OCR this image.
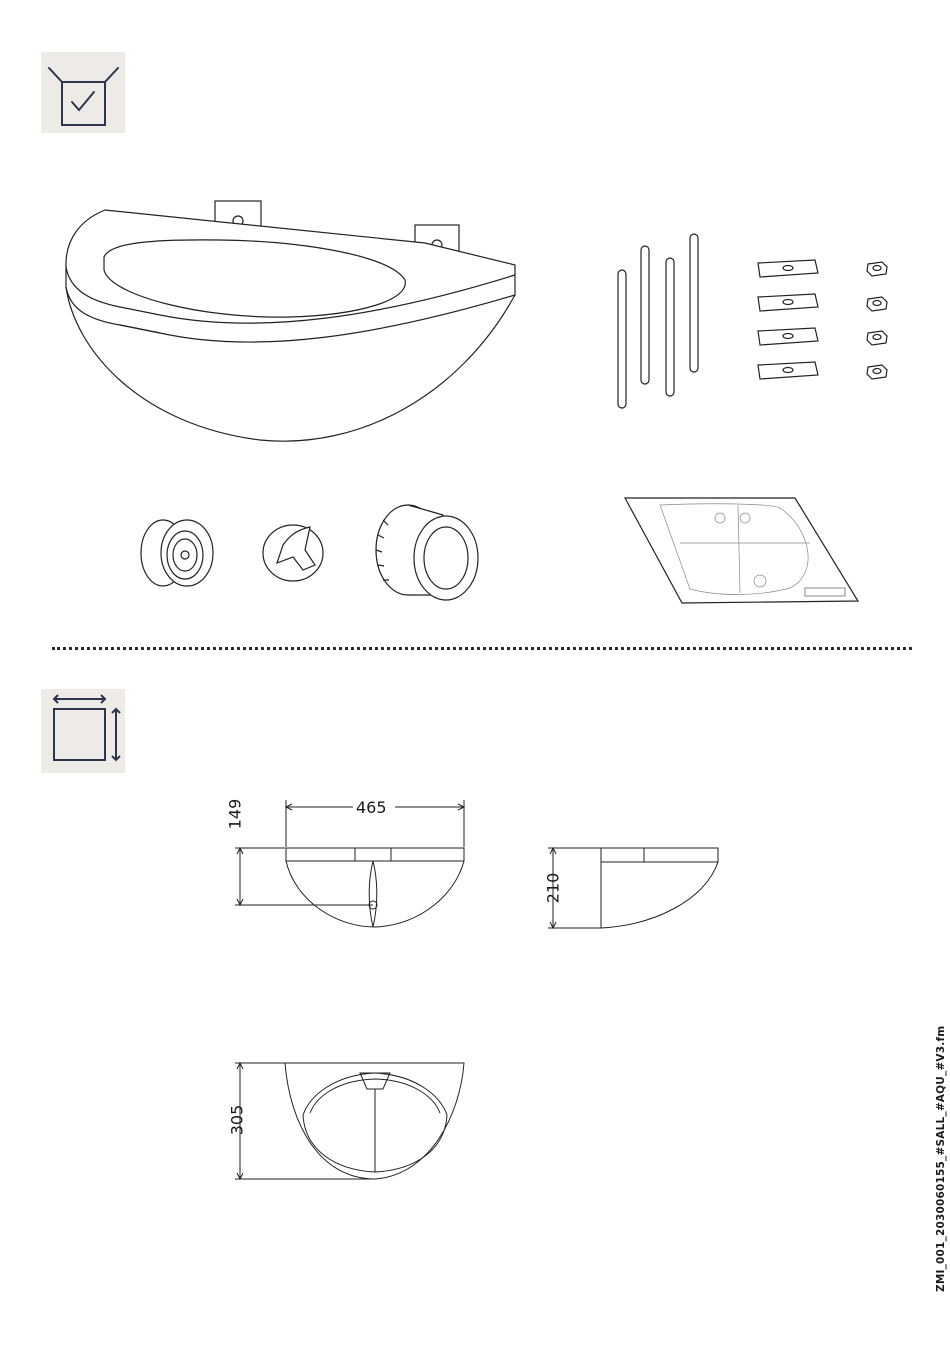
465
149
210
305	ZMI_001_2030060155_#SALL_#AQU_#V3.fm
